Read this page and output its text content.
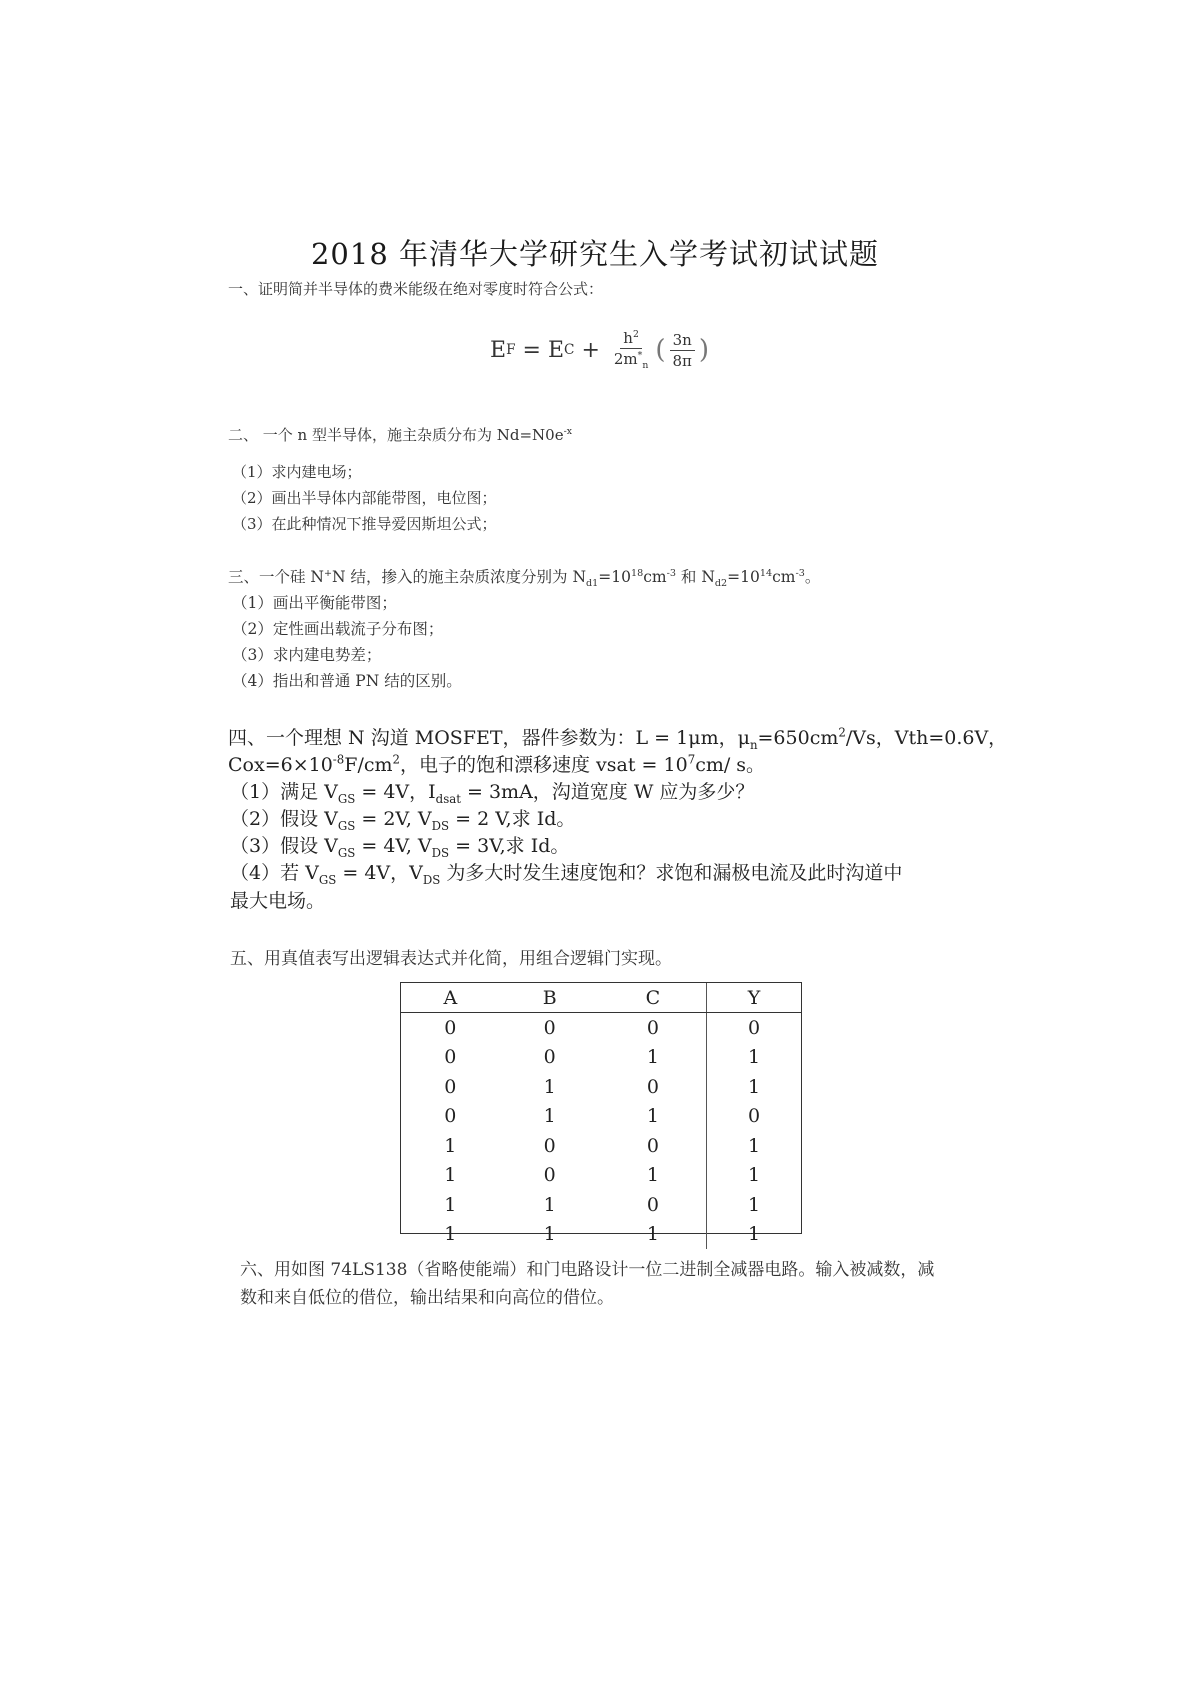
2018 年清华大学研究生入学考试初试试题
一、证明简并半导体的费米能级在绝对零度时符合公式：
E F = E $C + \frac{h^2}{2m^*_n}$ ( $\frac{3n}{8\pi}$ )
二、 一个 n 型半导体，施主杂质分布为 $Nd=N0e^{-x}$
（1）求内建电场；
（2）画出半导体内部能带图，电位图；
（3）在此种情况下推导爱因斯坦公式；
三、一个硅 N+N 结，掺入的施主杂质浓度分别为 $N_{d1}=10^{18}cm^{-3}$ 和 $N_{d2}=10^{14}cm^{-3}$。
（1）画出平衡能带图；
（2）定性画出载流子分布图；
（3）求内建电势差；
（4）指出和普通 PN 结的区别。
四、一个理想 N 沟道 MOSFET，器件参数为：L = 1μm，$\mu_n=650cm^2/Vs$，Vth=0.6V，
$Cox=6\times 10^{-8}F/cm^2$，电子的饱和漂移速度 vsat = $10^7cm/$ s。
（1）满足 $V_{GS} = 4V$，$I_{dsat} = 3mA$，沟道宽度 W 应为多少？
（2）假设 $V_{GS} = 2V$, $V_{DS} = 2$ V,求 Id。
（3）假设 $V_{GS} = 4V$, $V_{DS} = 3V$,求 Id。
（4）若 $V_{GS} = 4V$，$V_{DS}$ 为多大时发生速度饱和？求饱和漏极电流及此时沟道中
最大电场。
五、用真值表写出逻辑表达式并化简，用组合逻辑门实现。
A	B	C	Y
0	0	0	0
0	0	1	1
0	1	0	1
0	1	1	0
1	0	0	1
1	0	1	1
1	1	0	1
1	1	1	1
六、用如图 74LS138（省略使能端）和门电路设计一位二进制全减器电路。输入被减数，减
数和来自低位的借位，输出结果和向高位的借位。
